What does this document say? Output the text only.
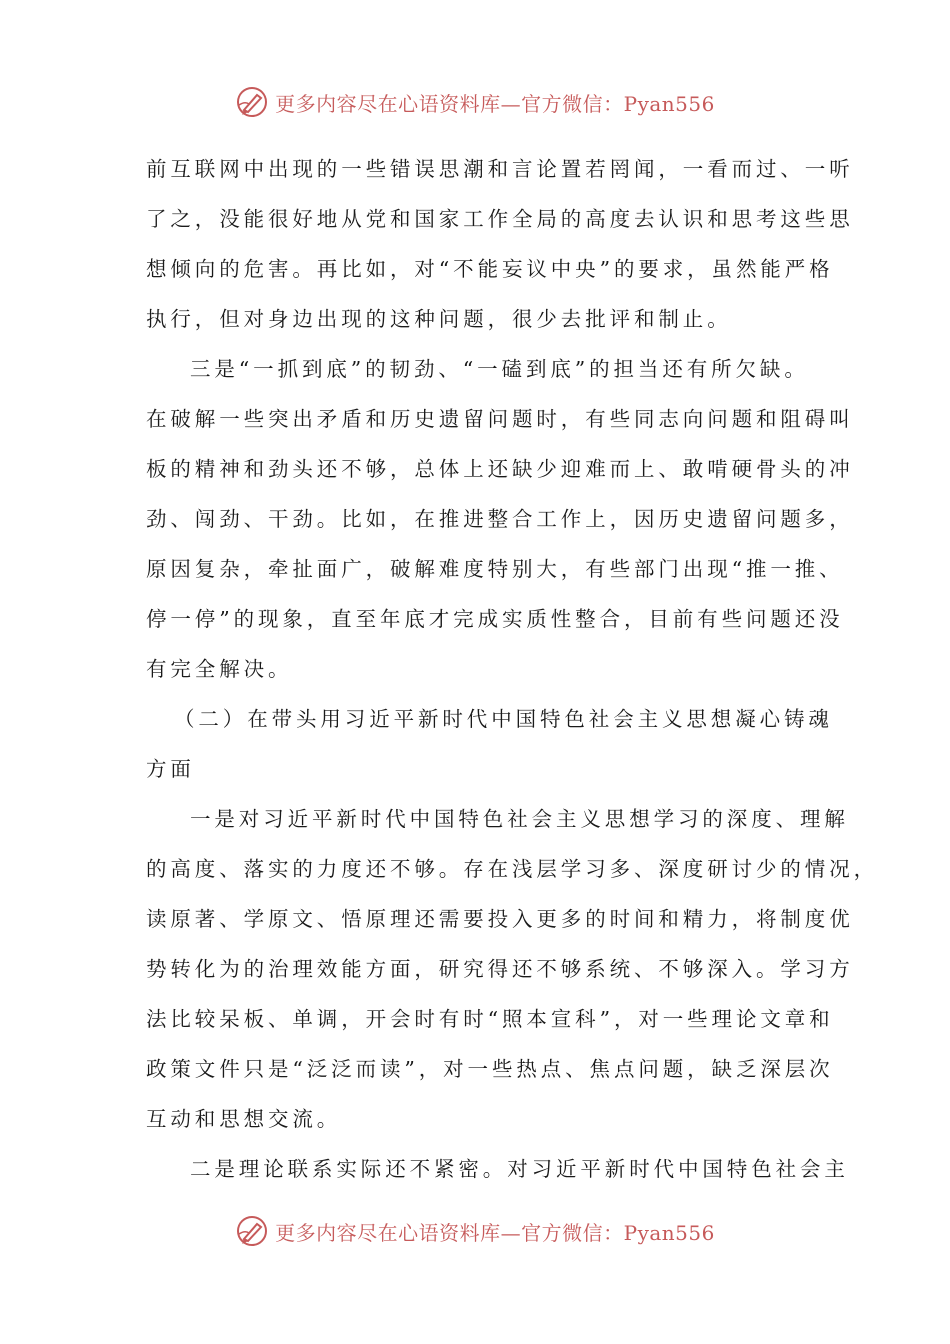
更多内容尽在心语资料库—官方微信：Pyan556
前互联网中出现的一些错误思潮和言论置若罔闻，一看而过、一听
了之，没能很好地从党和国家工作全局的高度去认识和思考这些思
想倾向的危害。再比如，对“不能妄议中央”的要求，虽然能严格
执行，但对身边出现的这种问题，很少去批评和制止。
三是“一抓到底”的韧劲、“一磕到底”的担当还有所欠缺。
在破解一些突出矛盾和历史遗留问题时，有些同志向问题和阻碍叫
板的精神和劲头还不够，总体上还缺少迎难而上、敢啃硬骨头的冲
劲、闯劲、干劲。比如，在推进整合工作上，因历史遗留问题多，
原因复杂，牵扯面广，破解难度特别大，有些部门出现“推一推、
停一停”的现象，直至年底才完成实质性整合，目前有些问题还没
有完全解决。
（二）在带头用习近平新时代中国特色社会主义思想凝心铸魂
方面
一是对习近平新时代中国特色社会主义思想学习的深度、理解
的高度、落实的力度还不够。存在浅层学习多、深度研讨少的情况，
读原著、学原文、悟原理还需要投入更多的时间和精力，将制度优
势转化为的治理效能方面，研究得还不够系统、不够深入。学习方
法比较呆板、单调，开会时有时“照本宣科”，对一些理论文章和
政策文件只是“泛泛而读”，对一些热点、焦点问题，缺乏深层次
互动和思想交流。
二是理论联系实际还不紧密。对习近平新时代中国特色社会主
更多内容尽在心语资料库—官方微信：Pyan556
